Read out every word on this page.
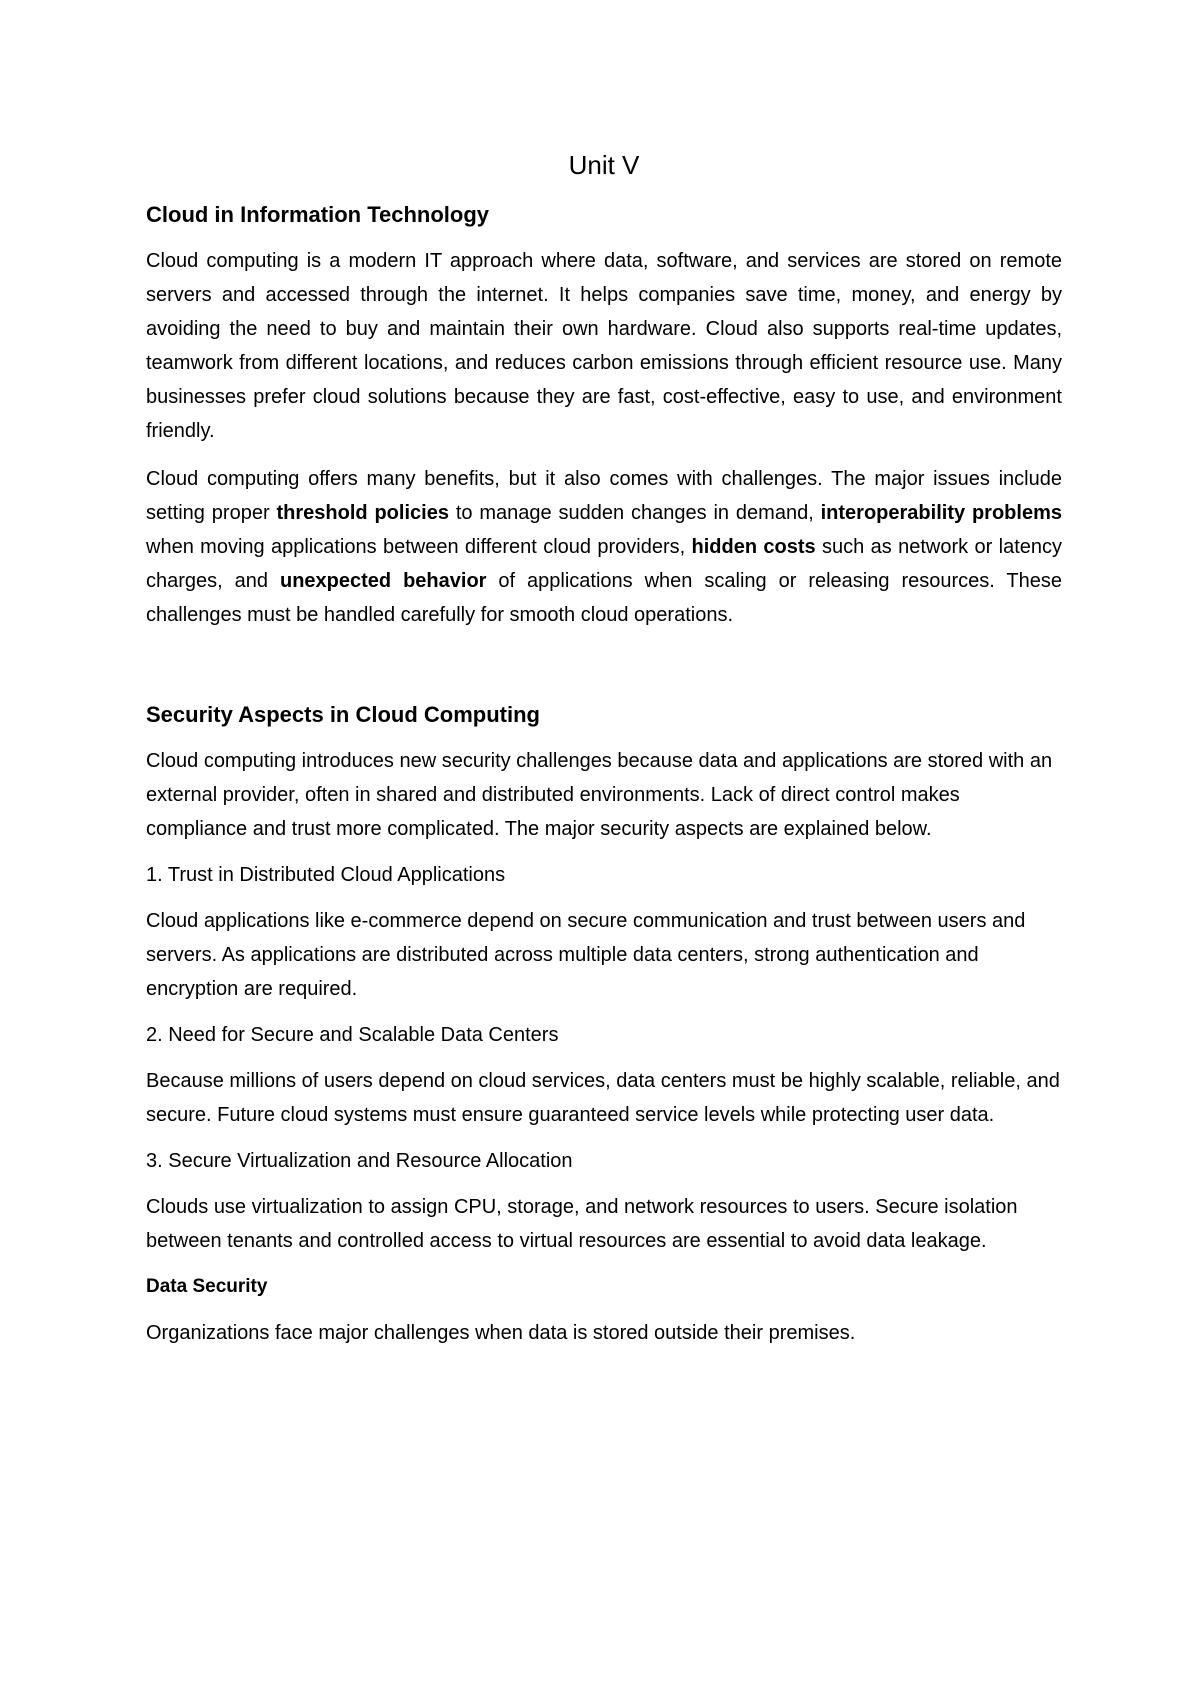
Unit V
Cloud in Information Technology
Cloud computing is a modern IT approach where data, software, and services are stored on remote servers and accessed through the internet. It helps companies save time, money, and energy by avoiding the need to buy and maintain their own hardware. Cloud also supports real-time updates, teamwork from different locations, and reduces carbon emissions through efficient resource use. Many businesses prefer cloud solutions because they are fast, cost-effective, easy to use, and environment friendly.
Cloud computing offers many benefits, but it also comes with challenges. The major issues include setting proper threshold policies to manage sudden changes in demand, interoperability problems when moving applications between different cloud providers, hidden costs such as network or latency charges, and unexpected behavior of applications when scaling or releasing resources. These challenges must be handled carefully for smooth cloud operations.
Security Aspects in Cloud Computing
Cloud computing introduces new security challenges because data and applications are stored with an external provider, often in shared and distributed environments. Lack of direct control makes compliance and trust more complicated. The major security aspects are explained below.
1. Trust in Distributed Cloud Applications
Cloud applications like e-commerce depend on secure communication and trust between users and servers. As applications are distributed across multiple data centers, strong authentication and encryption are required.
2. Need for Secure and Scalable Data Centers
Because millions of users depend on cloud services, data centers must be highly scalable, reliable, and secure. Future cloud systems must ensure guaranteed service levels while protecting user data.
3. Secure Virtualization and Resource Allocation
Clouds use virtualization to assign CPU, storage, and network resources to users. Secure isolation between tenants and controlled access to virtual resources are essential to avoid data leakage.
Data Security
Organizations face major challenges when data is stored outside their premises.
